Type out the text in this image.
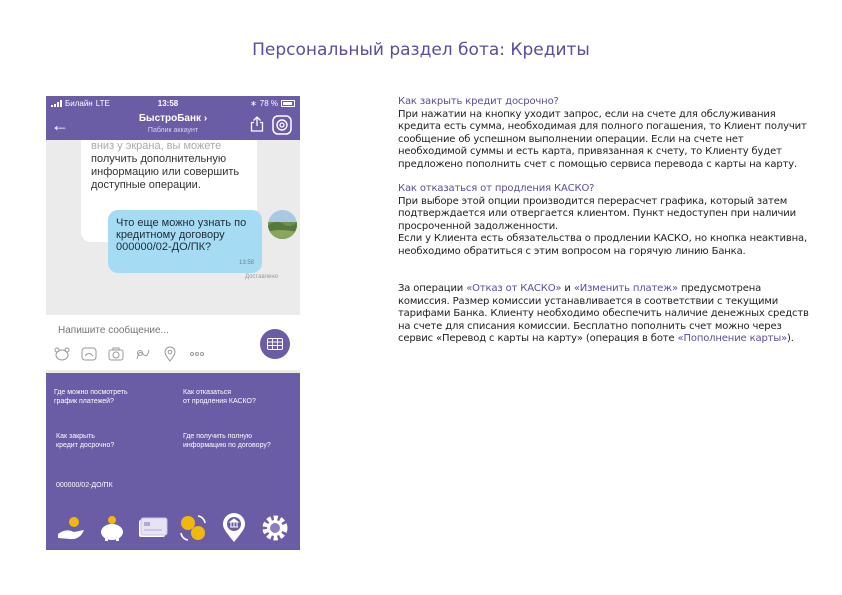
Персональный раздел бота: Кредиты
Билайн LTE	13:58	∗ 78 %
←	БыстроБанк ›
Паблик аккаунт
вниз у экрана, вы можете
получить дополнительную информацию или совершить доступные операции.
Что еще можно узнать по
кредитному договору
000000/02-ДО/ПК?
13:58
Доставлено
Напишите сообщение...
Где можно посмотреть
график платежей?
Как отказаться
от продления КАСКО?
Как закрыть
кредит досрочно?
Где получить полную
информацию по договору?
000000/02-ДО/ПК
Как закрыть кредит досрочно?
При нажатии на кнопку уходит запрос, если на счете для обслуживания кредита есть сумма, необходимая для полного погашения, то Клиент получит сообщение об успешном выполнении операции. Если на счете нет необходимой суммы и есть карта, привязанная к счету, то Клиенту будет предложено пополнить счет с помощью сервиса перевода с карты на карту.
Как отказаться от продления КАСКО?
При выборе этой опции производится перерасчет графика, который затем подтверждается или отвергается клиентом. Пункт недоступен при наличии просроченной задолженности.
Если у Клиента есть обязательства о продлении КАСКО, но кнопка неактивна, необходимо обратиться с этим вопросом на горячую линию Банка.
За операции «Отказ от КАСКО» и «Изменить платеж» предусмотрена комиссия. Размер комиссии устанавливается в соответствии с текущими тарифами Банка. Клиенту необходимо обеспечить наличие денежных средств на счете для списания комиссии. Бесплатно пополнить счет можно через сервис «Перевод с карты на карту» (операция в боте «Пополнение карты»).
